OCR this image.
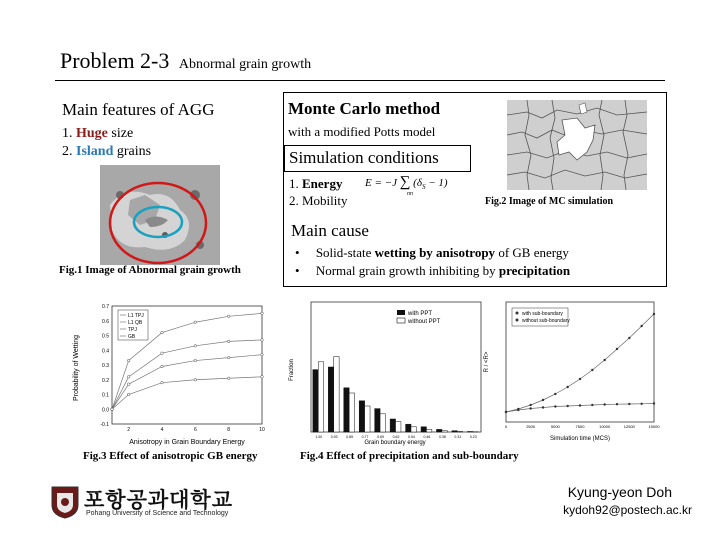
Problem 2-3 Abnormal grain growth
Main features of AGG
1. Huge size
2. Island grains
Fig.1 Image of Abnormal grain growth
Monte Carlo method
with a modified Potts model
Simulation conditions
1. Energy
2. Mobility
E = −J ∑ $(\delta_S - 1)$
nn
Fig.2 Image of MC simulation
Main cause
•     Solid-state wetting by anisotropy of GB energy
•     Normal grain growth inhibiting by precipitation
0.7
0.6
0.5
0.4
0.3
0.2
0.1
0.0
-0.1
2	4	6	8	10
Probability of Wetting
Anisotropy in Grain Boundary Energy
L1 TPJ
L1 QB
TPJ
GB
Fig.3 Effect of anisotropic GB energy
1.00 0.93 0.85 0.77 0.69 0.62 0.54 0.46 0.38 0.31 0.23
Fraction
Grain boundary energy
with PPT
without PPT
0	2500	5000	7500	10000	12500	15000
R / <R>
Simulation time (MCS)
with sub-boundary
without sub-boundary
Fig.4 Effect of precipitation and sub-boundary
포항공과대학교
Pohang University of Science and Technology
Kyung-yeon Doh
kydoh92@postech.ac.kr
